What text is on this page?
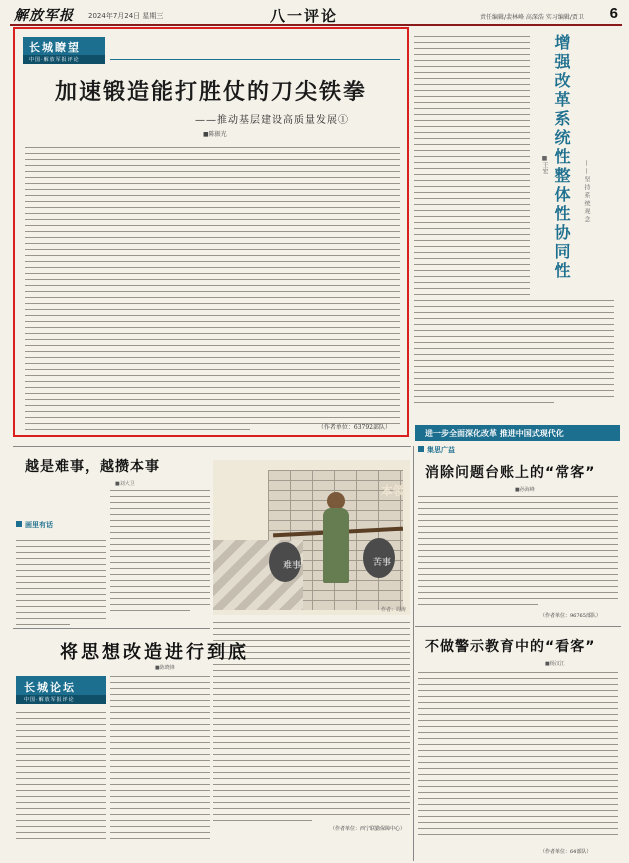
解放军报 2024年7月24日 星期三	八一评论	责任编辑/裴林峰 高深浩 实习编辑/贾卫 6
长城瞭望
中国·解放军报评论
加速锻造能打胜仗的刀尖铁拳
——推动基层建设高质量发展①
■陈振光
（作者单位：63792部队）
增强改革系统性整体性协同性	——坚持系统观念
■王宏
进一步全面深化改革 推进中国式现代化
越是难事，越攒本事
■刘大卫
画里有话
难事	苦事
本领
作者：周涛
（作者单位：西宁联勤保障中心）
集思广益
消除问题台账上的“常客”
■孙海峰
（作者单位：96765部队）
将思想改造进行到底
■陈晓锋
长城论坛
中国·解放军报评论
不做警示教育中的“看客”
■杨汉江
（作者单位：64部队）
